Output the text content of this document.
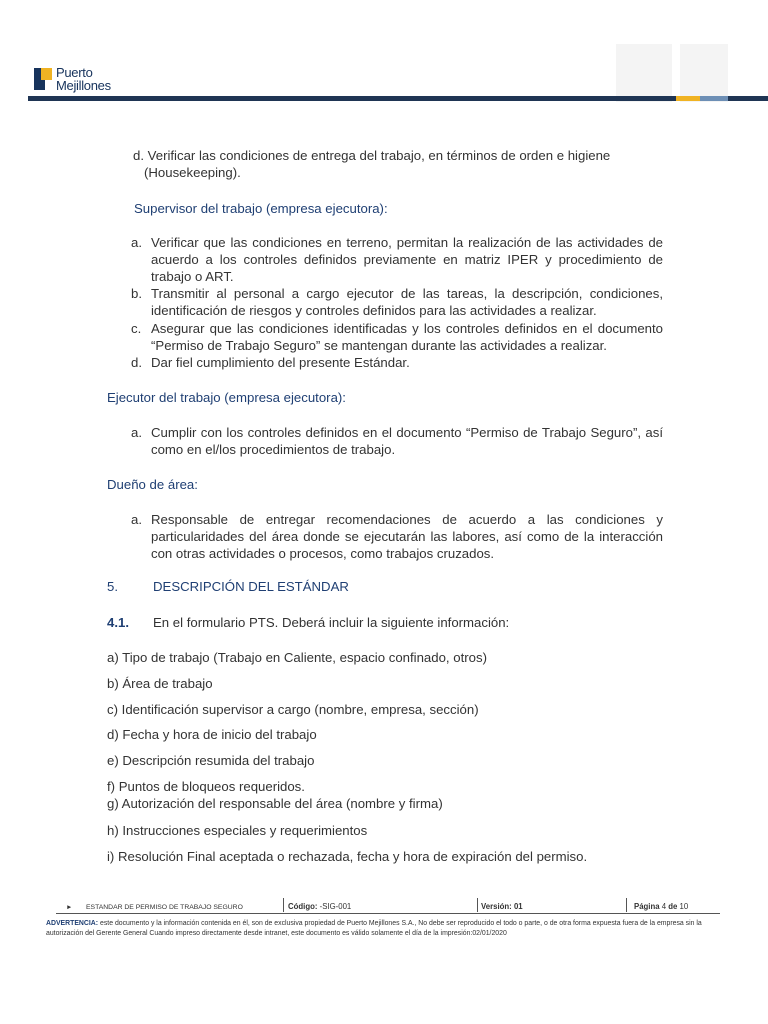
Puerto
Mejillones
d. Verificar las condiciones de entrega del trabajo, en términos de orden e higiene
(Housekeeping).
Supervisor del trabajo (empresa ejecutora):
a. Verificar que las condiciones en terreno, permitan la realización de las actividades de acuerdo a los controles definidos previamente en matriz IPER y procedimiento de trabajo o ART.
b. Transmitir al personal a cargo ejecutor de las tareas, la descripción, condiciones, identificación de riesgos y controles definidos para las actividades a realizar.
c. Asegurar que las condiciones identificadas y los controles definidos en el documento “Permiso de Trabajo Seguro” se mantengan durante las actividades a realizar.
d. Dar fiel cumplimiento del presente Estándar.
Ejecutor del trabajo (empresa ejecutora):
a. Cumplir con los controles definidos en el documento “Permiso de Trabajo Seguro”, así como en el/los procedimientos de trabajo.
Dueño de área:
a. Responsable de entregar recomendaciones de acuerdo a las condiciones y particularidades del área donde se ejecutarán las labores, así como de la interacción con otras actividades o procesos, como trabajos cruzados.
5.	DESCRIPCIÓN DEL ESTÁNDAR
4.1. En el formulario PTS. Deberá incluir la siguiente información:
a) Tipo de trabajo (Trabajo en Caliente, espacio confinado, otros)
b) Área de trabajo
c) Identificación supervisor a cargo (nombre, empresa, sección)
d) Fecha y hora de inicio del trabajo
e) Descripción resumida del trabajo
f) Puntos de bloqueos requeridos.
g) Autorización del responsable del área (nombre y firma)
h) Instrucciones especiales y requerimientos
i) Resolución Final aceptada o rechazada, fecha y hora de expiración del permiso.
► ESTANDAR DE PERMISO DE TRABAJO SEGURO	Código: -SIG-001	Versión: 01	Página 4 de 10
ADVERTENCIA: este documento y la información contenida en él, son de exclusiva propiedad de Puerto Mejillones S.A., No debe ser reproducido el todo o parte, o de otra forma expuesta fuera de la empresa sin la autorización del Gerente General Cuando impreso directamente desde intranet, este documento es válido solamente el día de la impresión:02/01/2020
